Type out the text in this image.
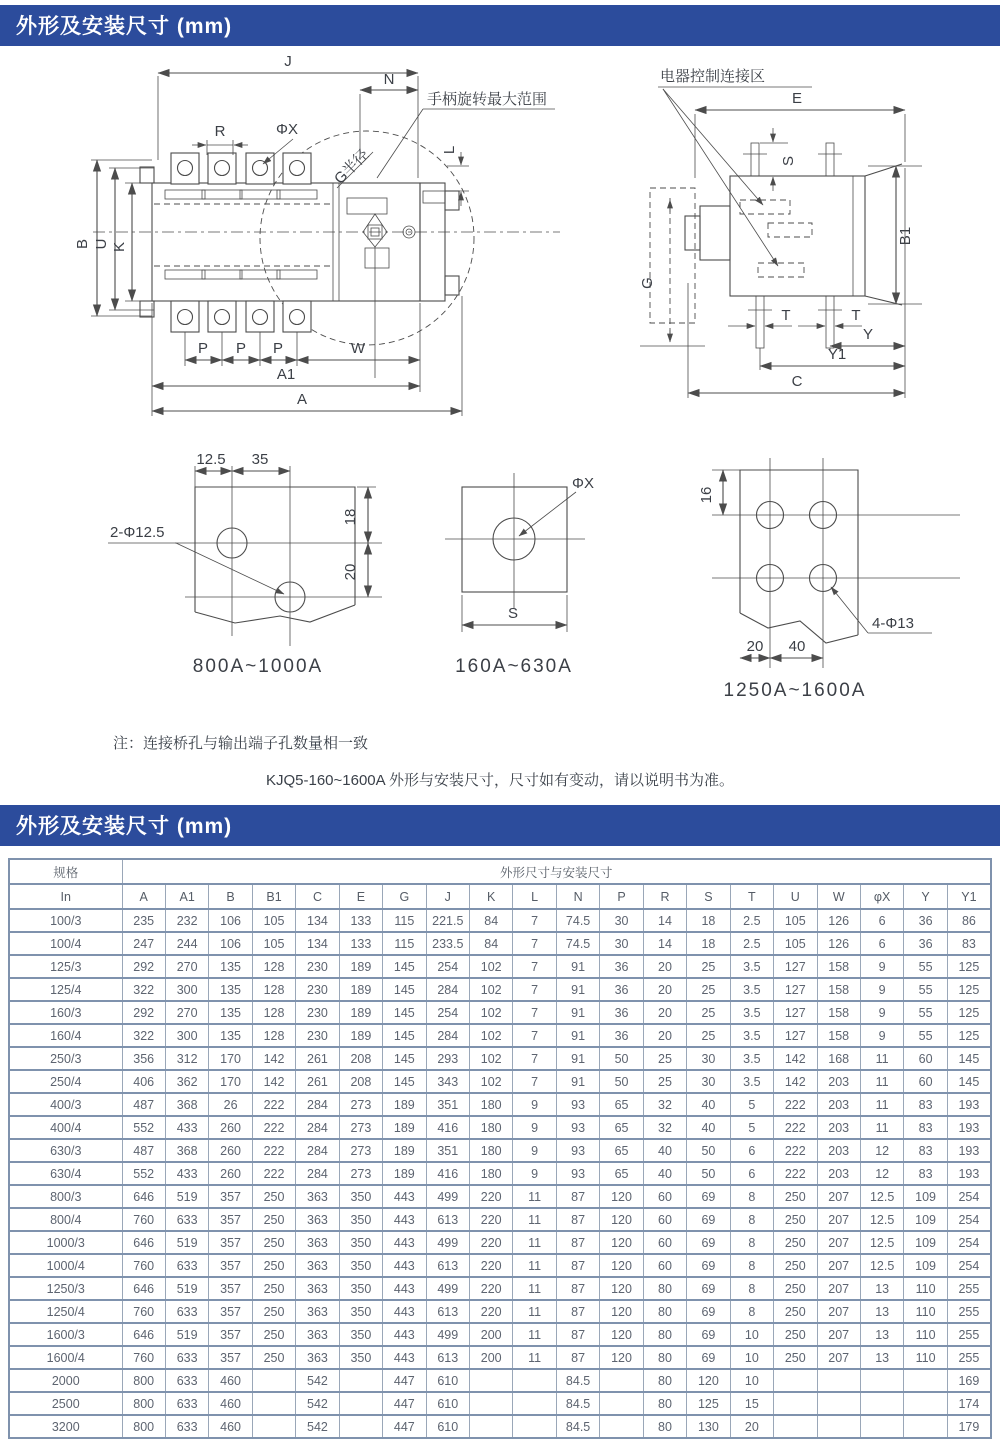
外形及安装尺寸 (mm)
J
N
手柄旋转最大范围
R	ΦX
G半径	L
B U K
P P P	W
A1
A
电器控制连接区
E
S
B1
G
T	T
Y
Y1
C
12.5 35
18
20
2-Φ12.5
800A~1000A
ΦX
S
160A~630A
16
4-Φ13
20 40
1250A~1600A
注：连接桥孔与输出端子孔数量相一致
KJQ5-160~1600A 外形与安装尺寸，尺寸如有变动，请以说明书为准。
外形及安装尺寸 (mm)
规格	外形尺寸与安装尺寸																			
In	A	A1	B	B1	C	E	G	J	K	L	N	P	R	S	T	U	W	φX	Y	Y1
100/3	235	232	106	105	134	133	115	221.5	84	7	74.5	30	14	18	2.5	105	126	6	36	86
100/4	247	244	106	105	134	133	115	233.5	84	7	74.5	30	14	18	2.5	105	126	6	36	83
125/3	292	270	135	128	230	189	145	254	102	7	91	36	20	25	3.5	127	158	9	55	125
125/4	322	300	135	128	230	189	145	284	102	7	91	36	20	25	3.5	127	158	9	55	125
160/3	292	270	135	128	230	189	145	254	102	7	91	36	20	25	3.5	127	158	9	55	125
160/4	322	300	135	128	230	189	145	284	102	7	91	36	20	25	3.5	127	158	9	55	125
250/3	356	312	170	142	261	208	145	293	102	7	91	50	25	30	3.5	142	168	11	60	145
250/4	406	362	170	142	261	208	145	343	102	7	91	50	25	30	3.5	142	203	11	60	145
400/3	487	368	26	222	284	273	189	351	180	9	93	65	32	40	5	222	203	11	83	193
400/4	552	433	260	222	284	273	189	416	180	9	93	65	32	40	5	222	203	11	83	193
630/3	487	368	260	222	284	273	189	351	180	9	93	65	40	50	6	222	203	12	83	193
630/4	552	433	260	222	284	273	189	416	180	9	93	65	40	50	6	222	203	12	83	193
800/3	646	519	357	250	363	350	443	499	220	11	87	120	60	69	8	250	207	12.5	109	254
800/4	760	633	357	250	363	350	443	613	220	11	87	120	60	69	8	250	207	12.5	109	254
1000/3	646	519	357	250	363	350	443	499	220	11	87	120	60	69	8	250	207	12.5	109	254
1000/4	760	633	357	250	363	350	443	613	220	11	87	120	60	69	8	250	207	12.5	109	254
1250/3	646	519	357	250	363	350	443	499	220	11	87	120	80	69	8	250	207	13	110	255
1250/4	760	633	357	250	363	350	443	613	220	11	87	120	80	69	8	250	207	13	110	255
1600/3	646	519	357	250	363	350	443	499	200	11	87	120	80	69	10	250	207	13	110	255
1600/4	760	633	357	250	363	350	443	613	200	11	87	120	80	69	10	250	207	13	110	255
2000	800	633	460		542		447	610			84.5		80	120	10					169
2500	800	633	460		542		447	610			84.5		80	125	15					174
3200	800	633	460		542		447	610			84.5		80	130	20					179
